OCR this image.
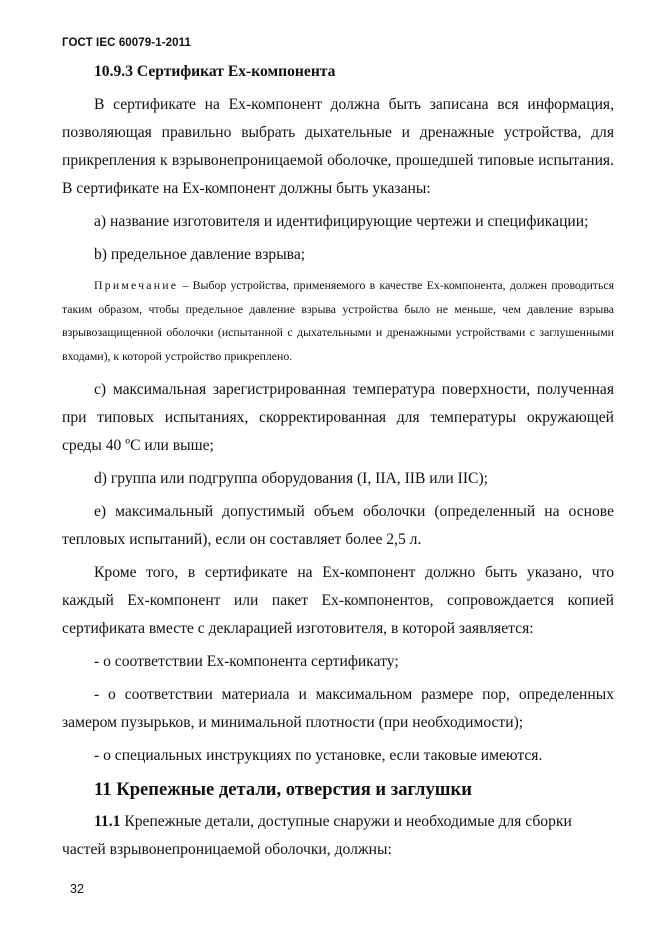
ГОСТ IEC 60079-1-2011
10.9.3 Сертификат Ex-компонента

В сертификате на Ex-компонент должна быть записана вся информация, позволяющая правильно выбрать дыхательные и дренажные устройства, для прикрепления к взрывонепроницаемой оболочке, прошедшей типовые испытания. В сертификате на Ex-компонент должны быть указаны:

a) название изготовителя и идентифицирующие чертежи и спецификации;

b) предельное давление взрыва;

Примечание – Выбор устройства, применяемого в качестве Ex-компонента, должен проводиться таким образом, чтобы предельное давление взрыва устройства было не меньше, чем давление взрыва взрывозащищенной оболочки (испытанной с дыхательными и дренажными устройствами с заглушенными входами), к которой устройство прикреплено.

c) максимальная зарегистрированная температура поверхности, полученная при типовых испытаниях, скорректированная для температуры окружающей среды 40 ºС или выше;

d) группа или подгруппа оборудования (I, IIA, IIB или IIC);

e) максимальный допустимый объем оболочки (определенный на основе тепловых испытаний), если он составляет более 2,5 л.

Кроме того, в сертификате на Ex-компонент должно быть указано, что каждый Ex-компонент или пакет Ex-компонентов, сопровождается копией сертификата вместе с декларацией изготовителя, в которой заявляется:

- о соответствии Ex-компонента сертификату;

- о соответствии материала и максимальном размере пор, определенных замером пузырьков, и минимальной плотности (при необходимости);

- о специальных инструкциях по установке, если таковые имеются.

11 Крепежные детали, отверстия и заглушки

11.1 Крепежные детали, доступные снаружи и необходимые для сборки частей взрывонепроницаемой оболочки, должны:

32
